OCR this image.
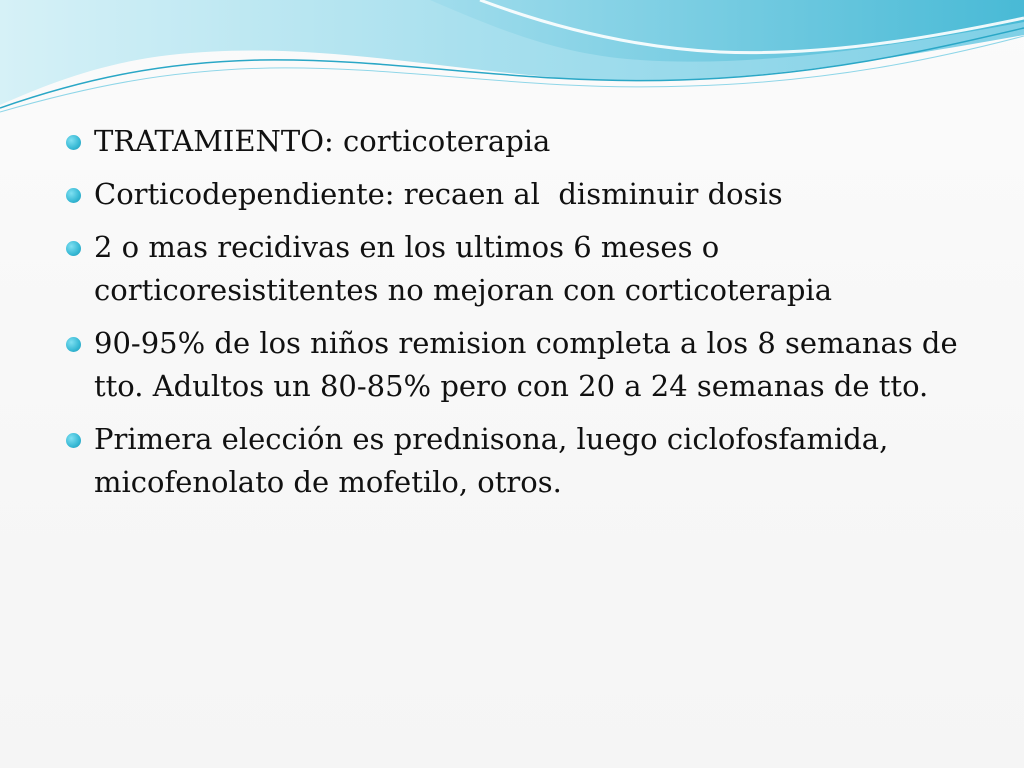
TRATAMIENTO: corticoterapia
Corticodependiente: recaen al  disminuir dosis
2 o mas recidivas en los ultimos 6 meses o corticoresistitentes no mejoran con corticoterapia
90-95% de los niños remision completa a los 8 semanas de tto. Adultos un 80-85% pero con 20 a 24 semanas de tto.
Primera elección es prednisona, luego ciclofosfamida, micofenolato de mofetilo, otros.
